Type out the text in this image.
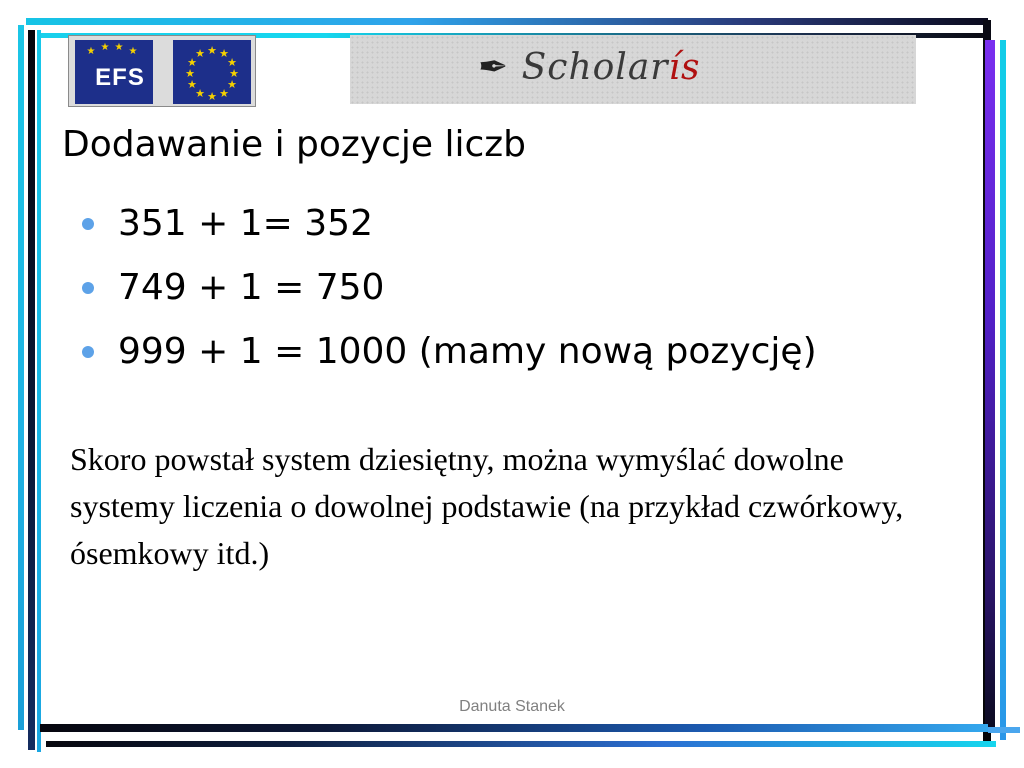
★ ★ ★ ★
EFS
★ ★
★
★
★
★
★
★
★
★
★
★	✒ Scholarís
Dodawanie i pozycje liczb
351 + 1= 352
749 + 1 = 750
999 + 1 = 1000 (mamy nową pozycję)
Skoro powstał system dziesiętny, można wymyślać dowolne systemy liczenia o dowolnej podstawie (na przykład czwórkowy, ósemkowy itd.)
Danuta Stanek
